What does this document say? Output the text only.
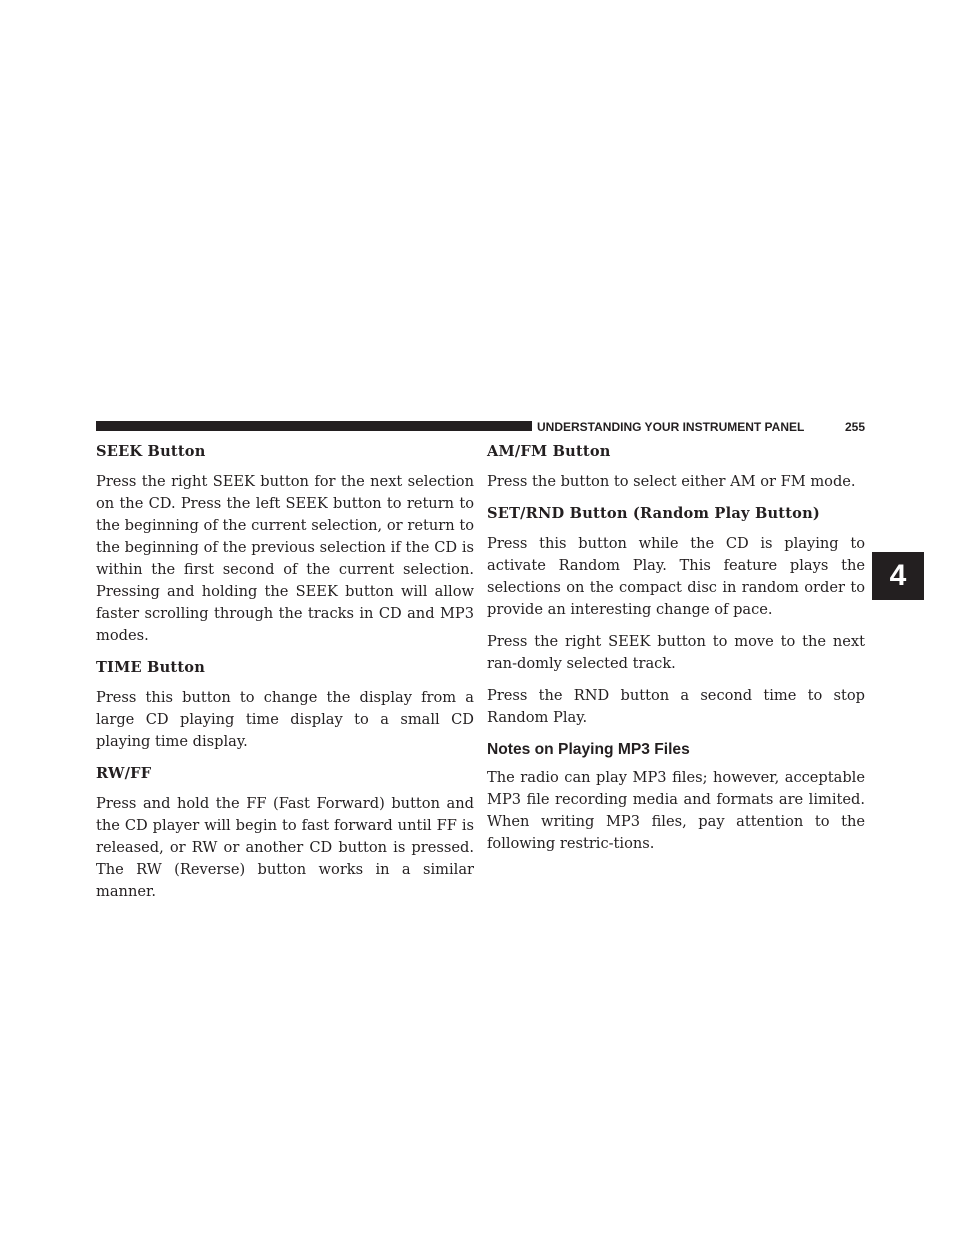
UNDERSTANDING YOUR INSTRUMENT PANEL	255
4
SEEK Button

Press the right SEEK button for the next selection on the CD. Press the left SEEK button to return to the beginning of the current selection, or return to the beginning of the previous selection if the CD is within the first second of the current selection. Pressing and holding the SEEK button will allow faster scrolling through the tracks in CD and MP3 modes.

TIME Button

Press this button to change the display from a large CD playing time display to a small CD playing time display.

RW/FF

Press and hold the FF (Fast Forward) button and the CD player will begin to fast forward until FF is released, or RW or another CD button is pressed. The RW (Reverse) button works in a similar manner.

AM/FM Button

Press the button to select either AM or FM mode.

SET/RND Button (Random Play Button)

Press this button while the CD is playing to activate Random Play. This feature plays the selections on the compact disc in random order to provide an interesting change of pace.

Press the right SEEK button to move to the next ran-domly selected track.

Press the RND button a second time to stop Random Play.

Notes on Playing MP3 Files

The radio can play MP3 files; however, acceptable MP3 file recording media and formats are limited. When writing MP3 files, pay attention to the following restric-tions.
